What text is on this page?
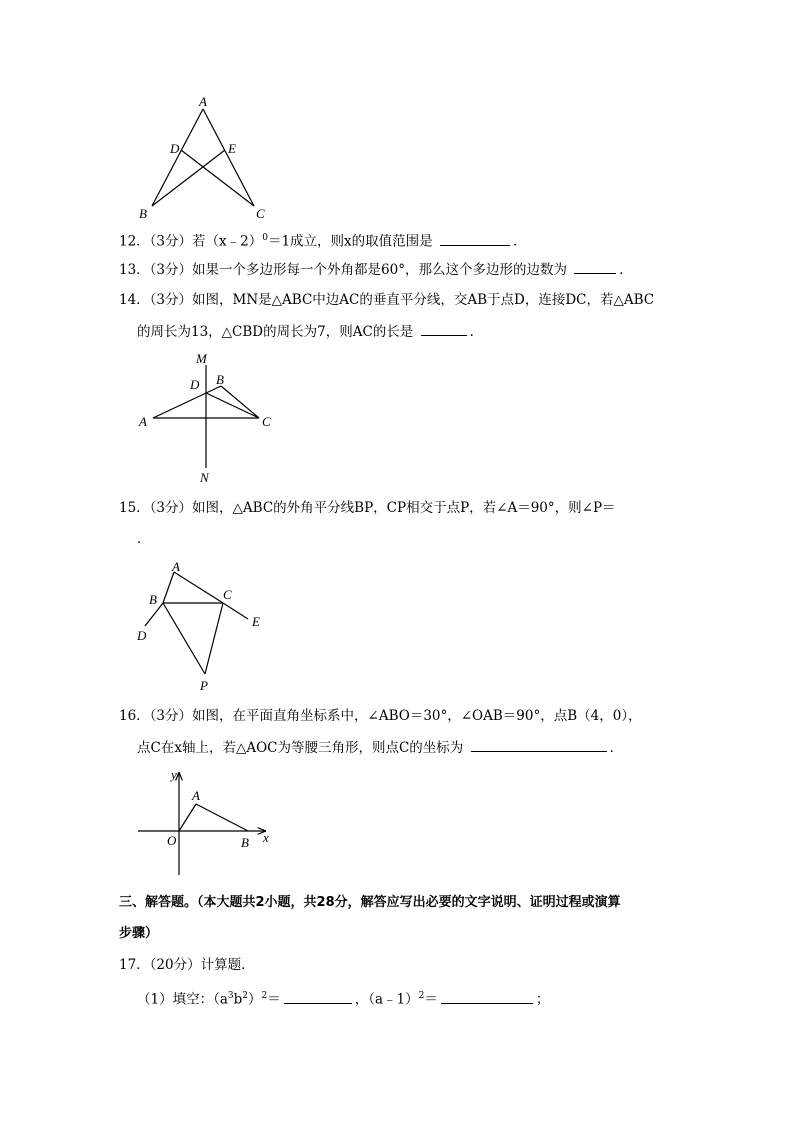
A
D	E
B	C
12．（3分）若（x﹣2）$^0$＝1成立，则x的取值范围是	．
13．（3分）如果一个多边形每一个外角都是60°，那么这个多边形的边数为	．
14．（3分）如图，MN是△ABC中边AC的垂直平分线，交AB于点D，连接DC，若△ABC
的周长为13，△CBD的周长为7，则AC的长是	．
M
D B
A	C
N
15．（3分）如图，△ABC的外角平分线BP，CP相交于点P，若∠A＝90°，则∠P＝
．
A
B	C
D
E
P
16．（3分）如图，在平面直角坐标系中，∠ABO＝30°，∠OAB＝90°，点B（4，0），
点C在x轴上，若△AOC为等腰三角形，则点C的坐标为	．
y
x
O
A
B
三、解答题。（本大题共2小题，共28分，解答应写出必要的文字说明、证明过程或演算
步骤）
17．（20分）计算题．
（1）填空：$(a^3b^2)^2=$	，（a﹣1）$^2$＝	；
